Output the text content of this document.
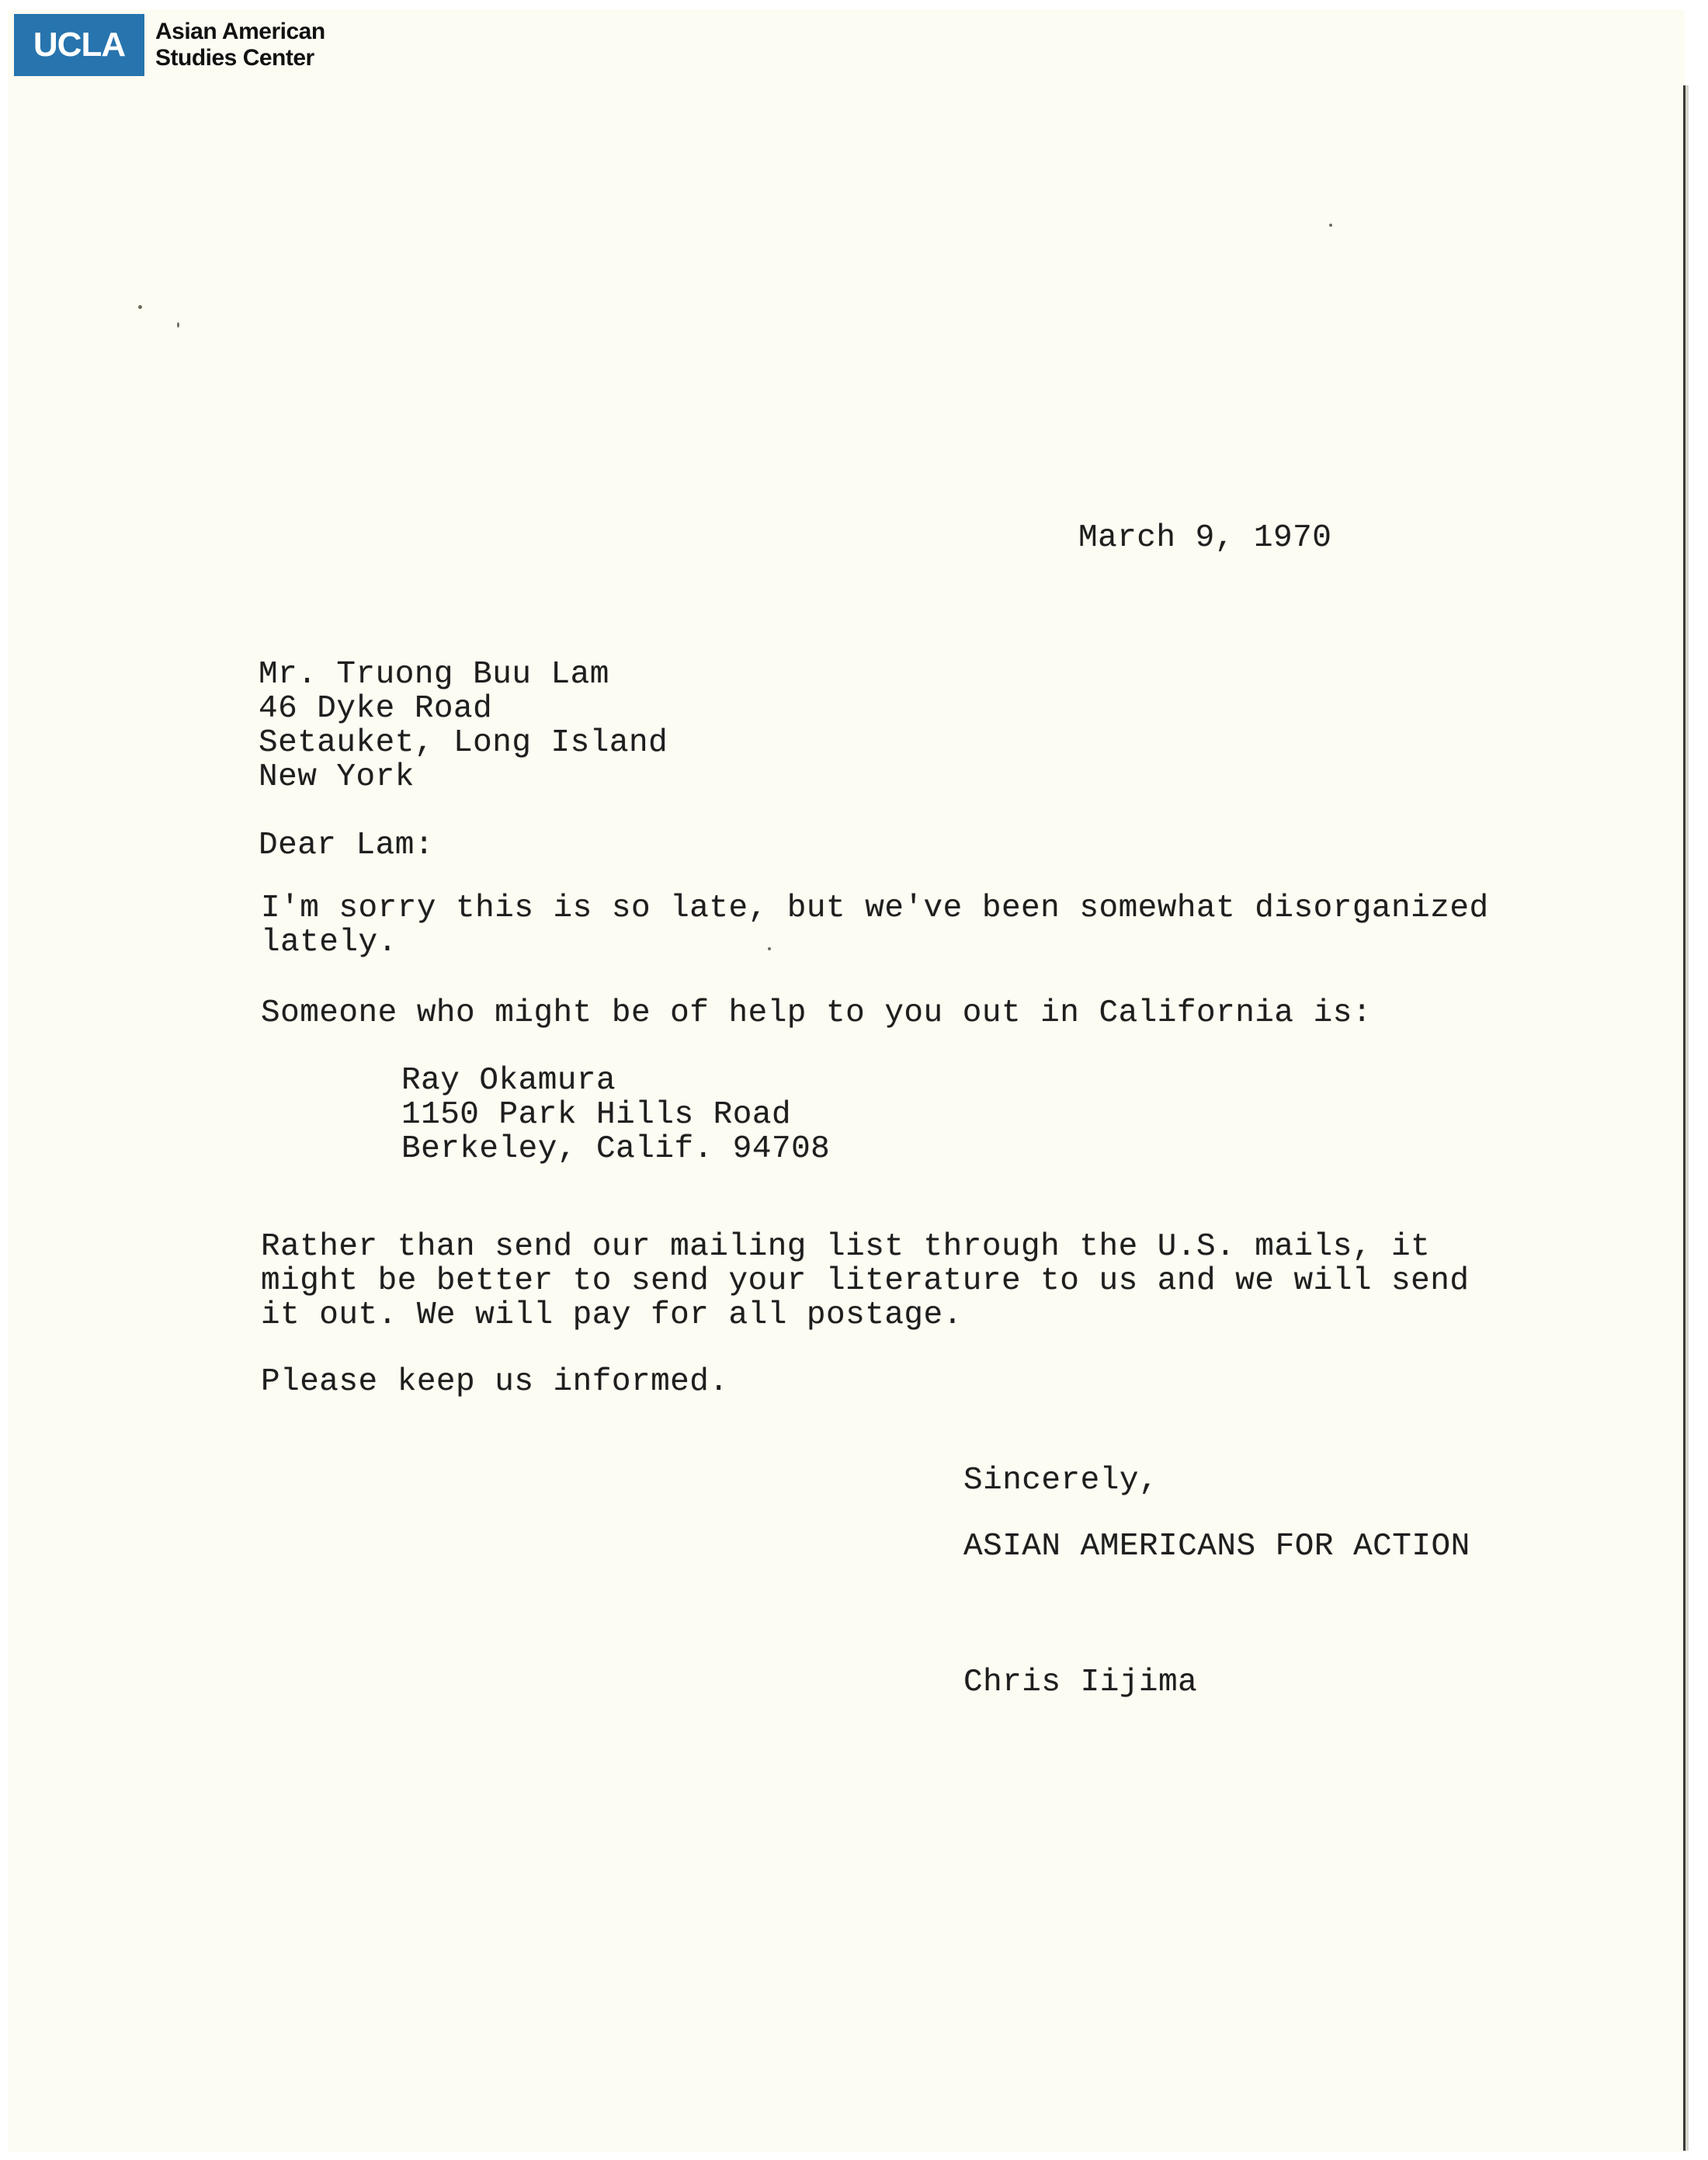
UCLA	Asian American
Studies Center
March 9, 1970
Mr. Truong Buu Lam
46 Dyke Road
Setauket, Long Island
New York
Dear Lam:
I'm sorry this is so late, but we've been somewhat disorganized
lately.
Someone who might be of help to you out in California is:
Ray Okamura
1150 Park Hills Road
Berkeley, Calif. 94708
Rather than send our mailing list through the U.S. mails, it
might be better to send your literature to us and we will send
it out. We will pay for all postage.
Please keep us informed.
Sincerely,
ASIAN AMERICANS FOR ACTION
Chris Iijima
